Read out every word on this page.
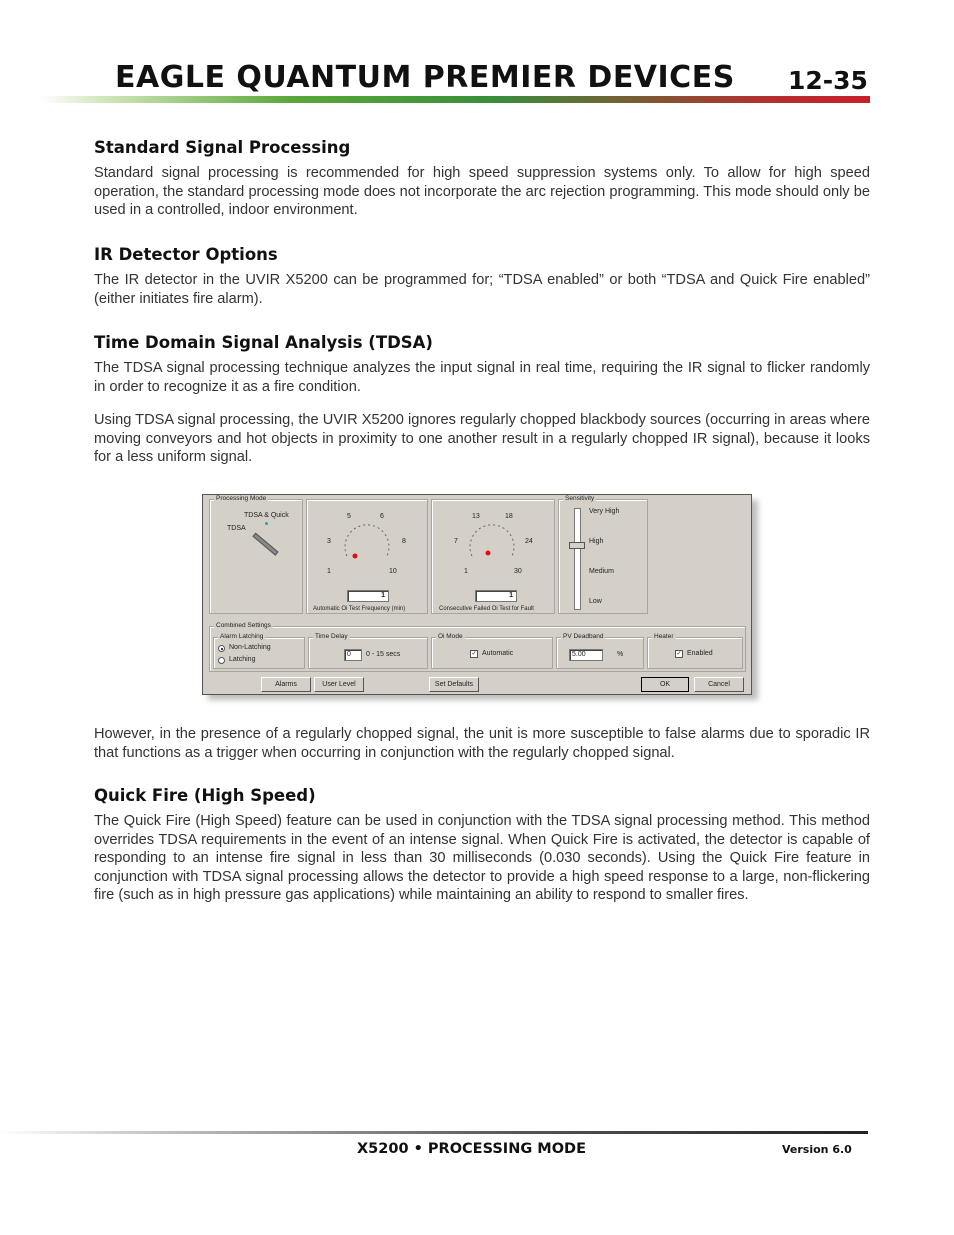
EAGLE QUANTUM PREMIER DEVICES 12-35
Standard Signal Processing

Standard signal processing is recommended for high speed suppression systems only. To allow for high speed operation, the standard processing mode does not incorporate the arc rejection programming. This mode should only be used in a controlled, indoor environment.

IR Detector Options

The IR detector in the UVIR X5200 can be programmed for; “TDSA enabled” or both “TDSA and Quick Fire enabled” (either initiates fire alarm).

Time Domain Signal Analysis (TDSA)

The TDSA signal processing technique analyzes the input signal in real time, requiring the IR signal to flicker randomly in order to recognize it as a fire condition.

Using TDSA signal processing, the UVIR X5200 ignores regularly chopped blackbody sources (occurring in areas where moving conveyors and hot objects in proximity to one another result in a regularly chopped IR signal), because it looks for a less uniform signal.

However, in the presence of a regularly chopped signal, the unit is more susceptible to false alarms due to sporadic IR that functions as a trigger when occurring in conjunction with the regularly chopped signal.

Quick Fire (High Speed)

The Quick Fire (High Speed) feature can be used in conjunction with the TDSA signal processing method. This method overrides TDSA requirements in the event of an intense signal. When Quick Fire is activated, the detector is capable of responding to an intense fire signal in less than 30 milliseconds (0.030 seconds). Using the Quick Fire feature in conjunction with TDSA signal processing allows the detector to provide a high speed response to a large, non-flickering fire (such as in high pressure gas applications) while maintaining an ability to respond to smaller fires.

Processing Mode
TDSA & Quick
TDSA
1
3
5	6
8
10
1
Automatic Oi Test Frequency (min)
1
7
13	18
24
30
1
Consecutive Failed Oi Test for Fault
Sensitivity
Very High
High
Medium
Low
Combined Settings
Alarm Latching
Non-Latching
Latching
Time Delay
0	0 - 15 secs
Oi Mode
✓ Automatic
PV Deadband
5.00	%
Heater
✓ Enabled
Alarms	User Level	Set Defaults	OK	Cancel
X5200 • PROCESSING MODE	Version 6.0
